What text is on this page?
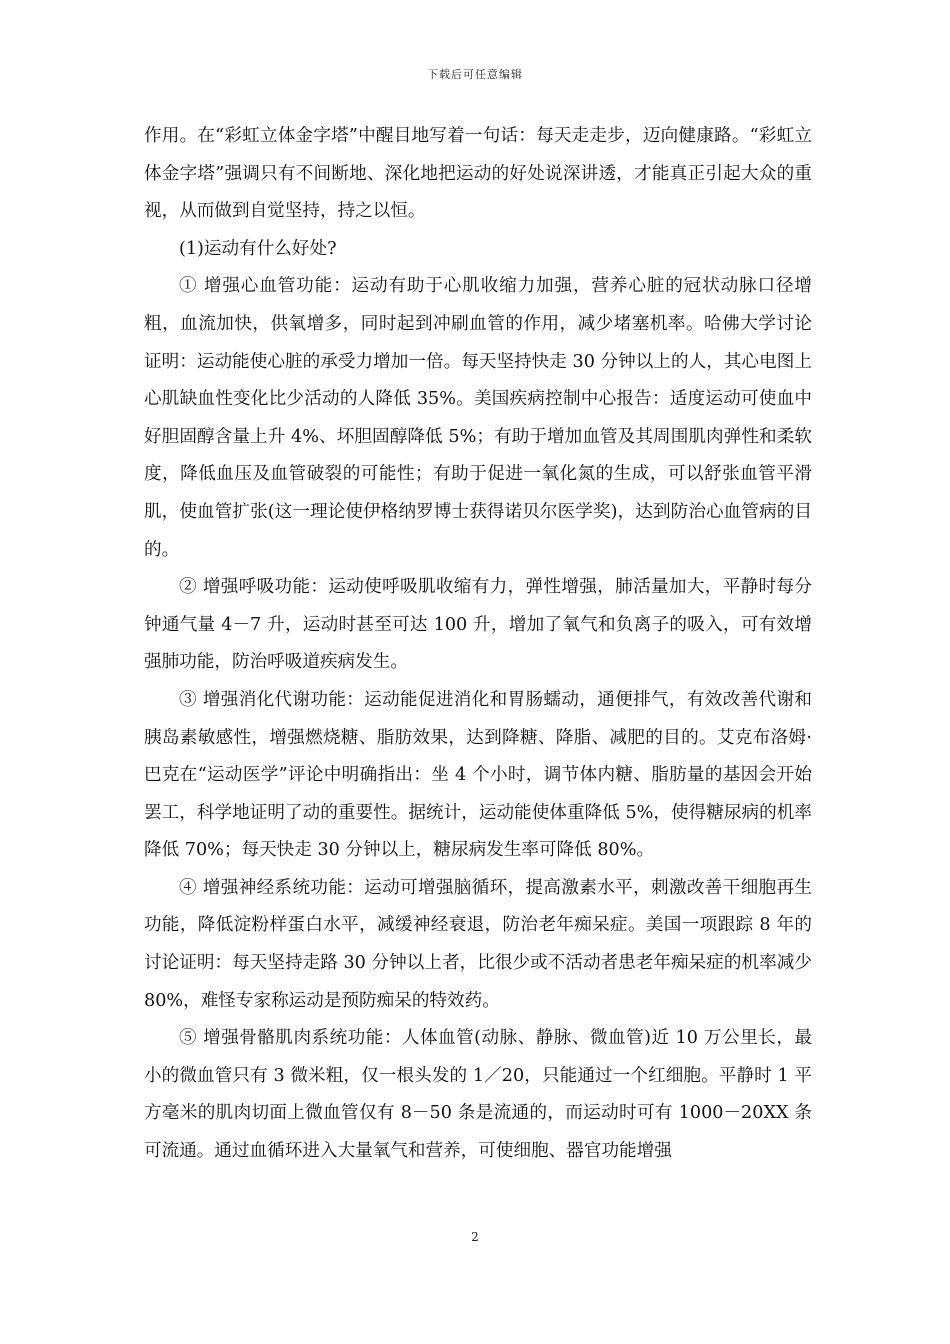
下载后可任意编辑

作用。在“彩虹立体金字塔”中醒目地写着一句话：每天走走步，迈向健康路。“彩虹立体金字塔”强调只有不间断地、深化地把运动的好处说深讲透，才能真正引起大众的重视，从而做到自觉坚持，持之以恒。

(1)运动有什么好处?

① 增强心血管功能：运动有助于心肌收缩力加强，营养心脏的冠状动脉口径增粗，血流加快，供氧增多，同时起到冲刷血管的作用，减少堵塞机率。哈佛大学讨论证明：运动能使心脏的承受力增加一倍。每天坚持快走 30 分钟以上的人，其心电图上心肌缺血性变化比少活动的人降低 35%。美国疾病控制中心报告：适度运动可使血中好胆固醇含量上升 4%、坏胆固醇降低 5%；有助于增加血管及其周围肌肉弹性和柔软度，降低血压及血管破裂的可能性；有助于促进一氧化氮的生成，可以舒张血管平滑肌，使血管扩张(这一理论使伊格纳罗博士获得诺贝尔医学奖)，达到防治心血管病的目的。

② 增强呼吸功能：运动使呼吸肌收缩有力，弹性增强，肺活量加大，平静时每分钟通气量 4－7 升，运动时甚至可达 100 升，增加了氧气和负离子的吸入，可有效增强肺功能，防治呼吸道疾病发生。

③ 增强消化代谢功能：运动能促进消化和胃肠蠕动，通便排气，有效改善代谢和胰岛素敏感性，增强燃烧糖、脂肪效果，达到降糖、降脂、减肥的目的。艾克布洛姆·巴克在“运动医学”评论中明确指出：坐 4 个小时，调节体内糖、脂肪量的基因会开始罢工，科学地证明了动的重要性。据统计，运动能使体重降低 5%，使得糖尿病的机率降低 70%；每天快走 30 分钟以上，糖尿病发生率可降低 80%。

④ 增强神经系统功能：运动可增强脑循环，提高激素水平，刺激改善干细胞再生功能，降低淀粉样蛋白水平，减缓神经衰退，防治老年痴呆症。美国一项跟踪 8 年的讨论证明：每天坚持走路 30 分钟以上者，比很少或不活动者患老年痴呆症的机率减少 80%，难怪专家称运动是预防痴呆的特效药。

⑤ 增强骨骼肌肉系统功能：人体血管(动脉、静脉、微血管)近 10 万公里长，最小的微血管只有 3 微米粗，仅一根头发的 1／20，只能通过一个红细胞。平静时 1 平方毫米的肌肉切面上微血管仅有 8－50 条是流通的，而运动时可有 1000－20XX 条可流通。通过血循环进入大量氧气和营养，可使细胞、器官功能增强

2
